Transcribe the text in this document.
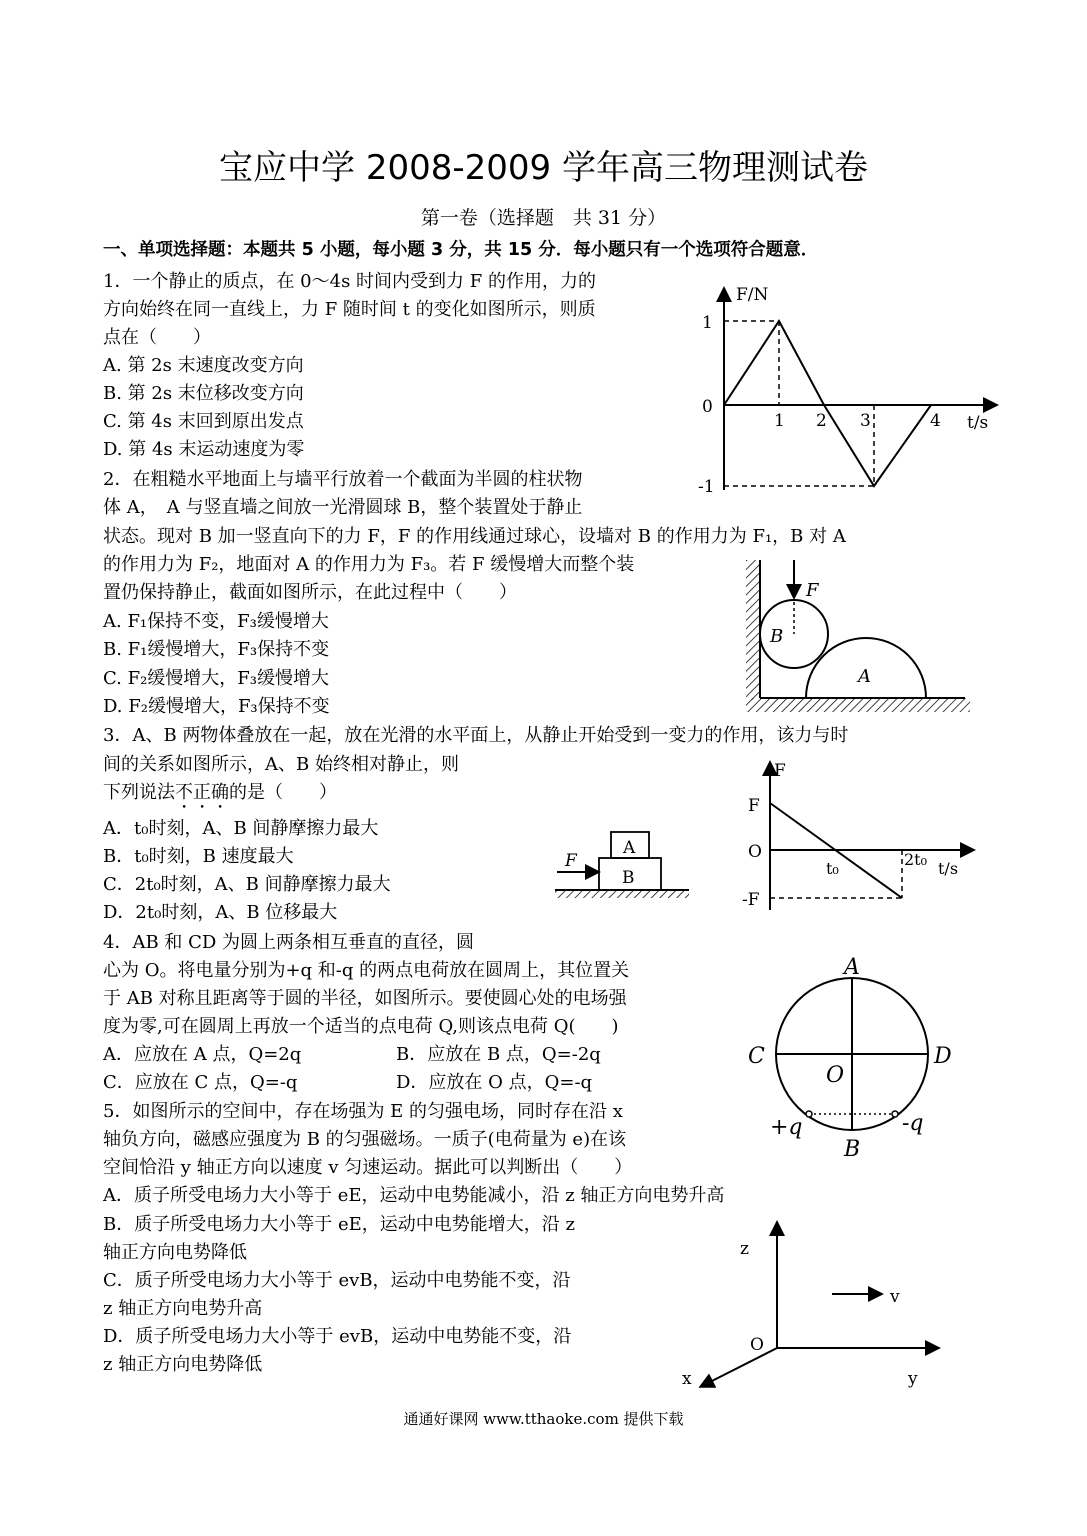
宝应中学 2008-2009 学年高三物理测试卷
第一卷（选择题　共 31 分）
一、单项选择题：本题共 5 小题，每小题 3 分，共 15 分．每小题只有一个选项符合题意．
1．一个静止的质点，在 0～4s 时间内受到力 F 的作用，力的
方向始终在同一直线上，力 F 随时间 t 的变化如图所示，则质
点在（　　）
A. 第 2s 末速度改变方向
B. 第 2s 末位移改变方向
C. 第 4s 末回到原出发点
D. 第 4s 末运动速度为零
F/N
1
0
-1
1 2 3	4 t/s
2．在粗糙水平地面上与墙平行放着一个截面为半圆的柱状物
体 A，　A 与竖直墙之间放一光滑圆球 B，整个装置处于静止
状态。现对 B 加一竖直向下的力 F，F 的作用线通过球心，设墙对 B 的作用力为 F₁，B 对 A
的作用力为 F₂，地面对 A 的作用力为 F₃。若 F 缓慢增大而整个装
置仍保持静止，截面如图所示，在此过程中（　　）
A. F₁保持不变，F₃缓慢增大
B. F₁缓慢增大，F₃保持不变
C. F₂缓慢增大，F₃缓慢增大
D. F₂缓慢增大，F₃保持不变
F
B
A
3．A、B 两物体叠放在一起，放在光滑的水平面上，从静止开始受到一变力的作用，该力与时
间的关系如图所示，A、B 始终相对静止，则
下列说法不正确的是（　　）
A．t₀时刻，A、B 间静摩擦力最大
B．t₀时刻，B 速度最大
C．2t₀时刻，A、B 间静摩擦力最大
D．2t₀时刻，A、B 位移最大
F
A
B
F
F
O
-F
t₀	2t₀ t/s
4．AB 和 CD 为圆上两条相互垂直的直径，圆
心为 O。将电量分别为+q 和-q 的两点电荷放在圆周上，其位置关
于 AB 对称且距离等于圆的半径，如图所示。要使圆心处的电场强
度为零,可在圆周上再放一个适当的点电荷 Q,则该点电荷 Q(　　)
A．应放在 A 点，Q=2q	B．应放在 B 点，Q=-2q
C．应放在 C 点，Q=-q	D．应放在 O 点，Q=-q
A
B
C	D
O
+q	-q
5．如图所示的空间中，存在场强为 E 的匀强电场，同时存在沿 x
轴负方向，磁感应强度为 B 的匀强磁场。一质子(电荷量为 e)在该
空间恰沿 y 轴正方向以速度 v 匀速运动。据此可以判断出（　　）
A．质子所受电场力大小等于 eE，运动中电势能减小，沿 z 轴正方向电势升高
B．质子所受电场力大小等于 eE，运动中电势能增大，沿 z
轴正方向电势降低
C．质子所受电场力大小等于 evB，运动中电势能不变，沿
z 轴正方向电势升高
D．质子所受电场力大小等于 evB，运动中电势能不变，沿
z 轴正方向电势降低
z
O
x	y
v
通通好课网 www.tthaoke.com 提供下载
